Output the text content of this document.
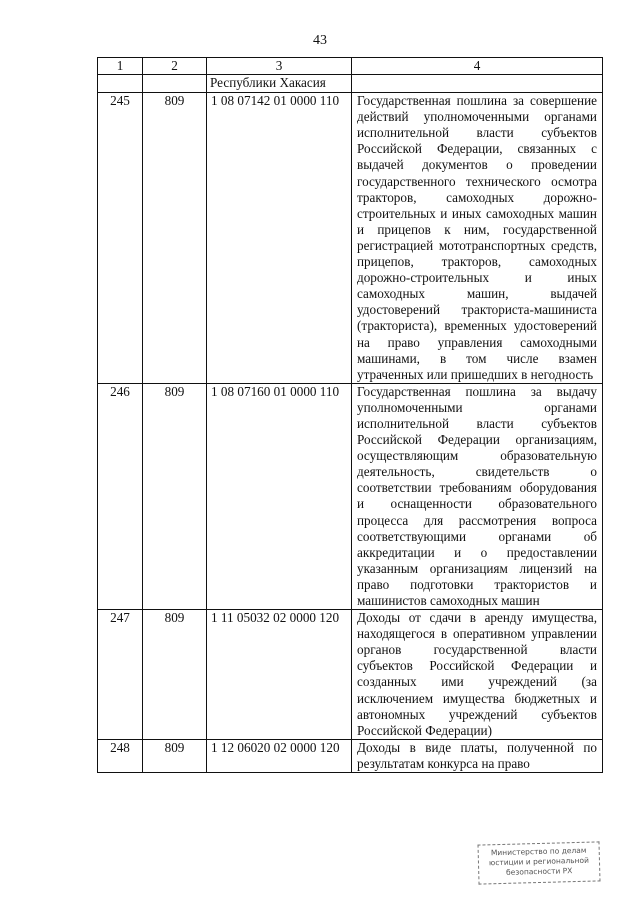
43
1	2	3	4
		Республики Хакасия	
245	809	1 08 07142 01 0000 110	Государственная пошлина за совершение действий уполномоченными органами исполнительной власти субъектов Российской Федерации, связанных с выдачей документов о проведении государственного технического осмотра тракторов, самоходных дорожно-строительных и иных самоходных машин и прицепов к ним, государственной регистрацией мототранспортных средств, прицепов, тракторов, самоходных дорожно-строительных и иных самоходных машин, выдачей удостоверений тракториста-машиниста (тракториста), временных удостоверений на право управления самоходными машинами, в том числе взамен утраченных или пришедших в негодность
246	809	1 08 07160 01 0000 110	Государственная пошлина за выдачу уполномоченными органами исполнительной власти субъектов Российской Федерации организациям, осуществляющим образовательную деятельность, свидетельств о соответствии требованиям оборудования и оснащенности образовательного процесса для рассмотрения вопроса соответствующими органами об аккредитации и о предоставлении указанным организациям лицензий на право подготовки трактористов и машинистов самоходных машин
247	809	1 11 05032 02 0000 120	Доходы от сдачи в аренду имущества, находящегося в оперативном управлении органов государственной власти субъектов Российской Федерации и созданных ими учреждений (за исключением имущества бюджетных и автономных учреждений субъектов Российской Федерации)
248	809	1 12 06020 02 0000 120	Доходы в виде платы, полученной по результатам конкурса на право
Министерство по делам
юстиции и региональной
безопасности РХ
